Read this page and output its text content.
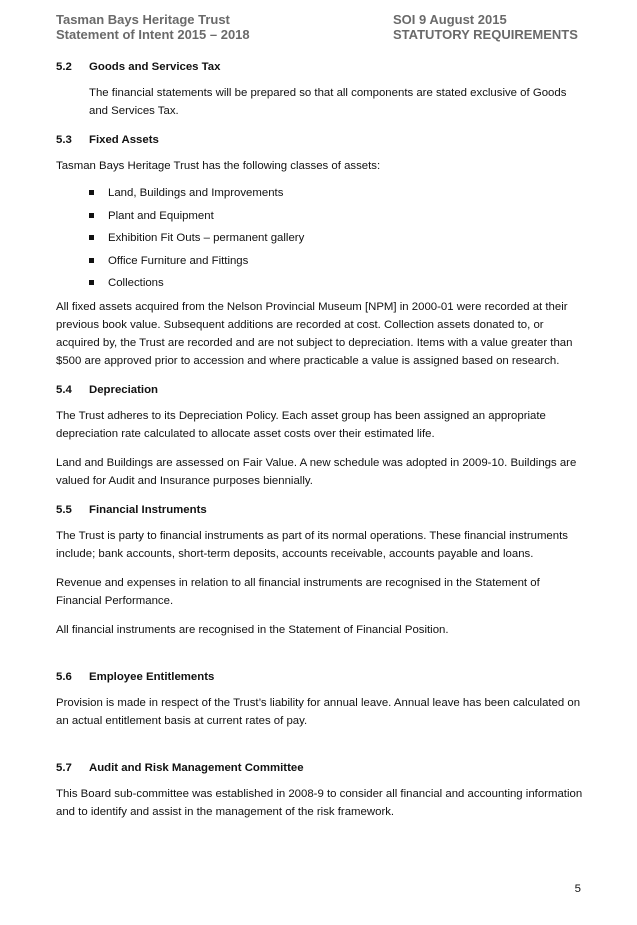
Tasman Bays Heritage Trust
Statement of Intent 2015 – 2018
SOI 9 August 2015
STATUTORY REQUIREMENTS
5.2 Goods and Services Tax

The financial statements will be prepared so that all components are stated exclusive of Goods and Services Tax.

5.3 Fixed Assets

Tasman Bays Heritage Trust has the following classes of assets:

Land, Buildings and Improvements
Plant and Equipment
Exhibition Fit Outs – permanent gallery
Office Furniture and Fittings
Collections

All fixed assets acquired from the Nelson Provincial Museum [NPM] in 2000-01 were recorded at their previous book value. Subsequent additions are recorded at cost. Collection assets donated to, or acquired by, the Trust are recorded and are not subject to depreciation. Items with a value greater than $500 are approved prior to accession and where practicable a value is assigned based on research.

5.4 Depreciation

The Trust adheres to its Depreciation Policy. Each asset group has been assigned an appropriate depreciation rate calculated to allocate asset costs over their estimated life.

Land and Buildings are assessed on Fair Value. A new schedule was adopted in 2009-10. Buildings are valued for Audit and Insurance purposes biennially.

5.5 Financial Instruments

The Trust is party to financial instruments as part of its normal operations. These financial instruments include; bank accounts, short-term deposits, accounts receivable, accounts payable and loans.

Revenue and expenses in relation to all financial instruments are recognised in the Statement of Financial Performance.

All financial instruments are recognised in the Statement of Financial Position.

5.6 Employee Entitlements

Provision is made in respect of the Trust’s liability for annual leave. Annual leave has been calculated on an actual entitlement basis at current rates of pay.

5.7 Audit and Risk Management Committee

This Board sub-committee was established in 2008-9 to consider all financial and accounting information and to identify and assist in the management of the risk framework.

5
